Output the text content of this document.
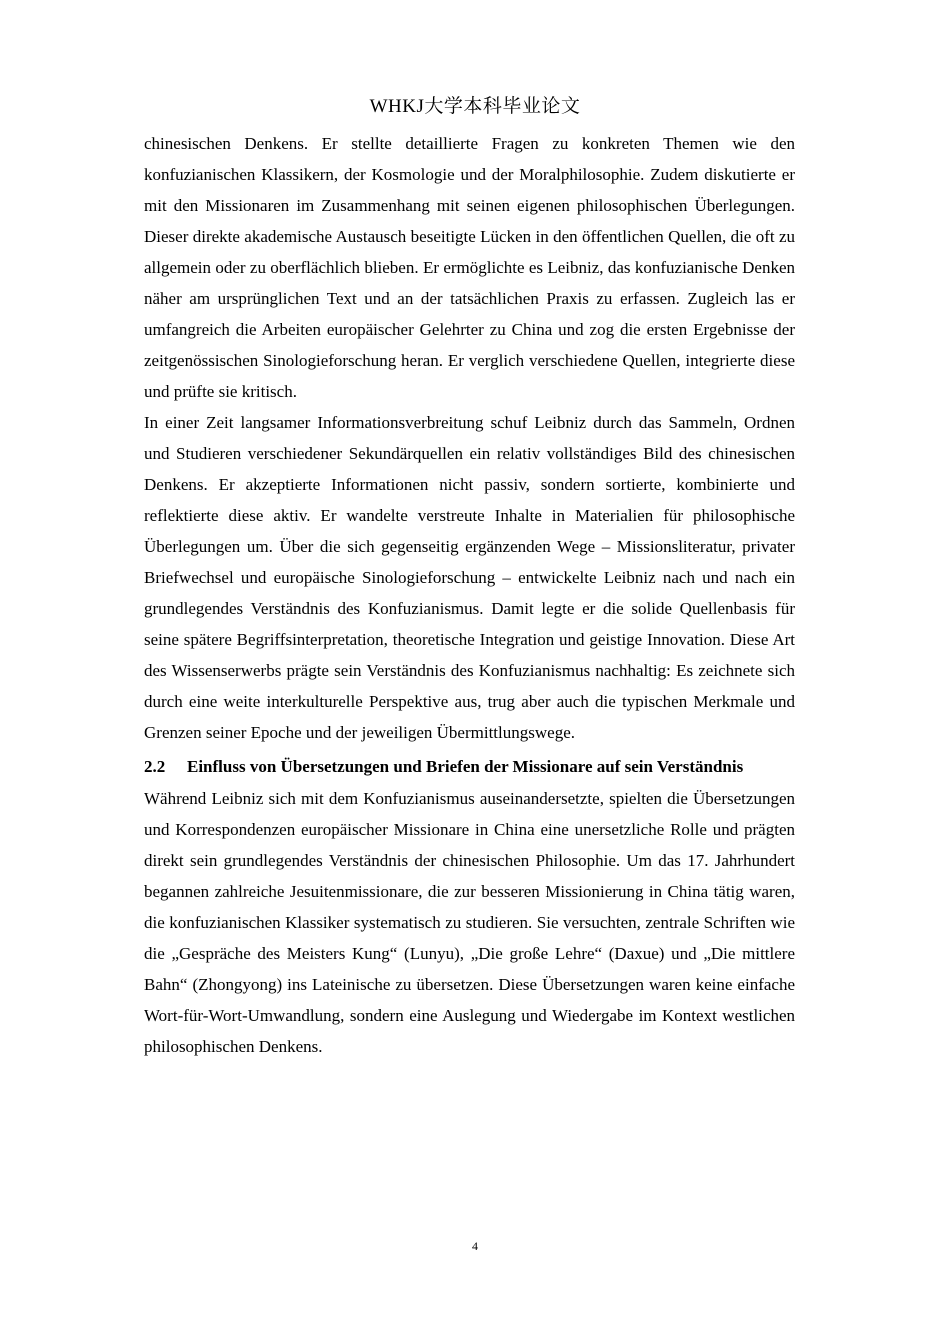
WHKJ大学本科毕业论文

chinesischen Denkens. Er stellte detaillierte Fragen zu konkreten Themen wie den konfuzianischen Klassikern, der Kosmologie und der Moralphilosophie. Zudem diskutierte er mit den Missionaren im Zusammenhang mit seinen eigenen philosophischen Überlegungen. Dieser direkte akademische Austausch beseitigte Lücken in den öffentlichen Quellen, die oft zu allgemein oder zu oberflächlich blieben. Er ermöglichte es Leibniz, das konfuzianische Denken näher am ursprünglichen Text und an der tatsächlichen Praxis zu erfassen. Zugleich las er umfangreich die Arbeiten europäischer Gelehrter zu China und zog die ersten Ergebnisse der zeitgenössischen Sinologieforschung heran. Er verglich verschiedene Quellen, integrierte diese und prüfte sie kritisch.

In einer Zeit langsamer Informationsverbreitung schuf Leibniz durch das Sammeln, Ordnen und Studieren verschiedener Sekundärquellen ein relativ vollständiges Bild des chinesischen Denkens. Er akzeptierte Informationen nicht passiv, sondern sortierte, kombinierte und reflektierte diese aktiv. Er wandelte verstreute Inhalte in Materialien für philosophische Überlegungen um. Über die sich gegenseitig ergänzenden Wege – Missionsliteratur, privater Briefwechsel und europäische Sinologieforschung – entwickelte Leibniz nach und nach ein grundlegendes Verständnis des Konfuzianismus. Damit legte er die solide Quellenbasis für seine spätere Begriffsinterpretation, theoretische Integration und geistige Innovation. Diese Art des Wissenserwerbs prägte sein Verständnis des Konfuzianismus nachhaltig: Es zeichnete sich durch eine weite interkulturelle Perspektive aus, trug aber auch die typischen Merkmale und Grenzen seiner Epoche und der jeweiligen Übermittlungswege.

2.2 Einfluss von Übersetzungen und Briefen der Missionare auf sein Verständnis

Während Leibniz sich mit dem Konfuzianismus auseinandersetzte, spielten die Übersetzungen und Korrespondenzen europäischer Missionare in China eine unersetzliche Rolle und prägten direkt sein grundlegendes Verständnis der chinesischen Philosophie. Um das 17. Jahrhundert begannen zahlreiche Jesuitenmissionare, die zur besseren Missionierung in China tätig waren, die konfuzianischen Klassiker systematisch zu studieren. Sie versuchten, zentrale Schriften wie die „Gespräche des Meisters Kung“ (Lunyu), „Die große Lehre“ (Daxue) und „Die mittlere Bahn“ (Zhongyong) ins Lateinische zu übersetzen. Diese Übersetzungen waren keine einfache Wort-für-Wort-Umwandlung, sondern eine Auslegung und Wiedergabe im Kontext westlichen philosophischen Denkens.

4
